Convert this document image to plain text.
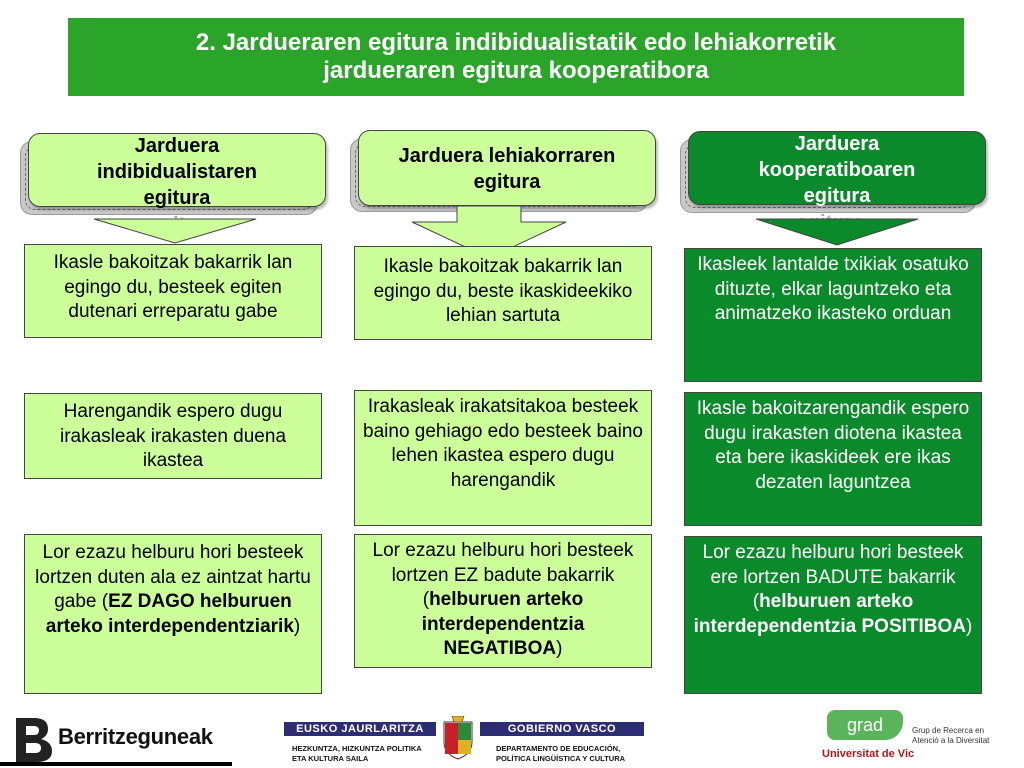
2. Jardueraren egitura indibidualistatik edo lehiakorretik
jardueraren egitura kooperatibora
Jarduera
indibidualistaren
egitura
Jarduera lehiakorraren
egitura
Jarduera
kooperatiboaren
egitura
Ikasle bakoitzak bakarrik lan egingo du, besteek egiten dutenari erreparatu gabe
Harengandik espero dugu irakasleak irakasten duena ikastea
Lor ezazu helburu hori besteek lortzen duten ala ez aintzat hartu gabe (EZ DAGO helburuen arteko interdependentziarik)
Ikasle bakoitzak bakarrik lan egingo du, beste ikaskideekiko lehian sartuta
Irakasleak irakatsitakoa besteek baino gehiago edo besteek baino lehen ikastea espero dugu harengandik
Lor ezazu helburu hori besteek lortzen EZ badute bakarrik (helburuen arteko interdependentzia NEGATIBOA)
Ikasleek lantalde txikiak osatuko dituzte, elkar laguntzeko eta animatzeko ikasteko orduan
Ikasle bakoitzarengandik espero dugu irakasten diotena ikastea eta bere ikaskideek ere ikas dezaten laguntzea
Lor ezazu helburu hori besteek ere lortzen BADUTE bakarrik (helburuen arteko interdependentzia POSITIBOA)
Berritzeguneak	EUSKO JAURLARITZA	GOBIERNO VASCO
HEZKUNTZA, HIZKUNTZA POLITIKA
ETA KULTURA SAILA
DEPARTAMENTO DE EDUCACIÓN,
POLÍTICA LINGÜÍSTICA Y CULTURA
grad	Grup de Recerca en
Atenció a la Diversitat
Universitat de Vic
